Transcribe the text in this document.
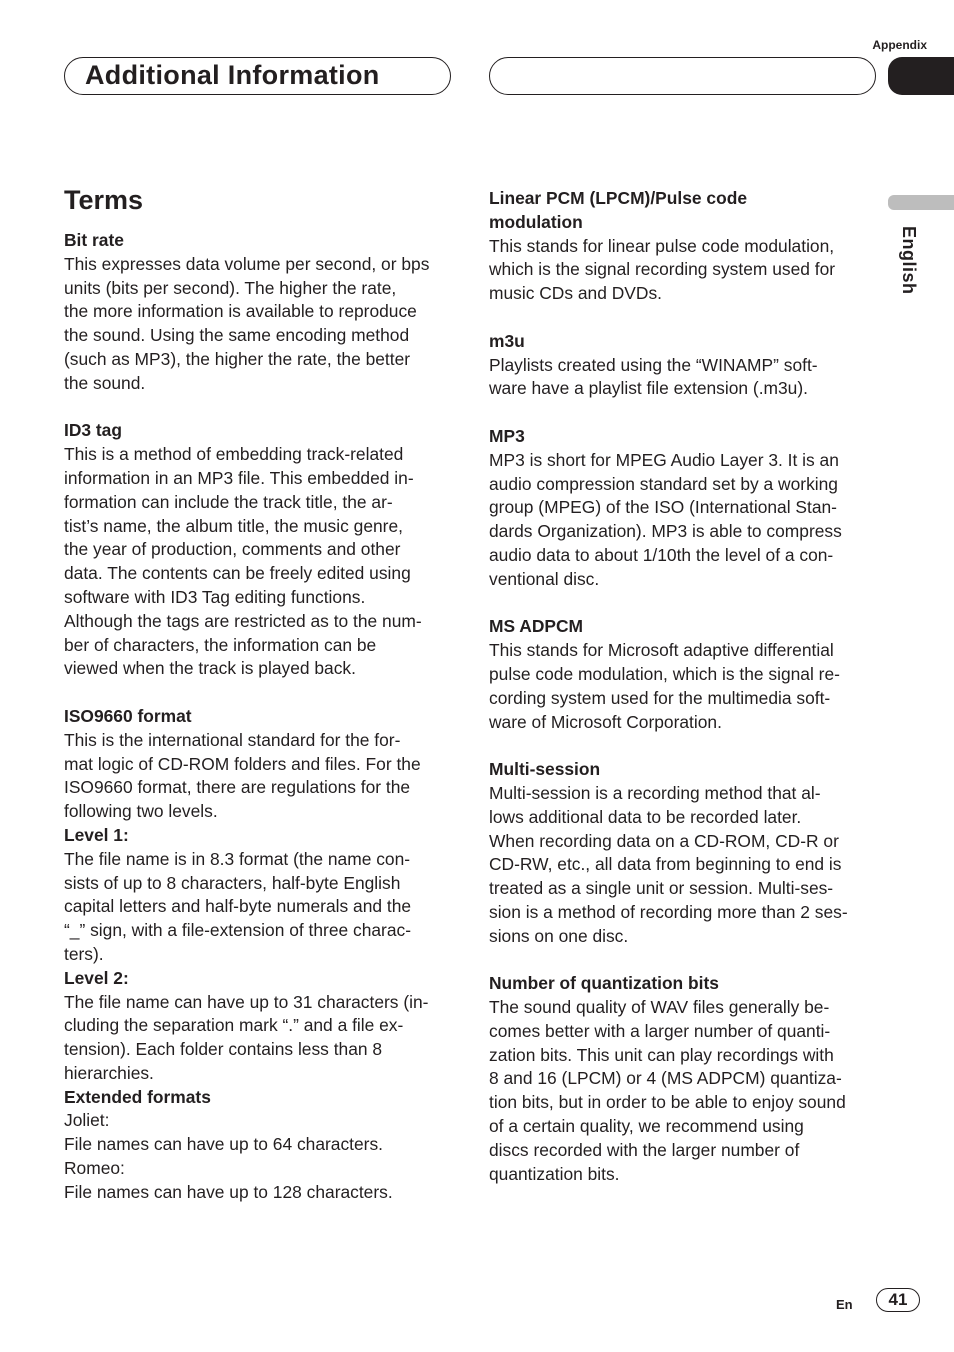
Appendix
Additional Information
English
Terms
Bit rate
This expresses data volume per second, or bps
units (bits per second). The higher the rate,
the more information is available to reproduce
the sound. Using the same encoding method
(such as MP3), the higher the rate, the better
the sound.
ID3 tag
This is a method of embedding track-related
information in an MP3 file. This embedded in-
formation can include the track title, the ar-
tist’s name, the album title, the music genre,
the year of production, comments and other
data. The contents can be freely edited using
software with ID3 Tag editing functions.
Although the tags are restricted as to the num-
ber of characters, the information can be
viewed when the track is played back.
ISO9660 format
This is the international standard for the for-
mat logic of CD-ROM folders and files. For the
ISO9660 format, there are regulations for the
following two levels.
Level 1:
The file name is in 8.3 format (the name con-
sists of up to 8 characters, half-byte English
capital letters and half-byte numerals and the
“_” sign, with a file-extension of three charac-
ters).
Level 2:
The file name can have up to 31 characters (in-
cluding the separation mark “.” and a file ex-
tension). Each folder contains less than 8
hierarchies.
Extended formats
Joliet:
File names can have up to 64 characters.
Romeo:
File names can have up to 128 characters.
Linear PCM (LPCM)/Pulse code
modulation
This stands for linear pulse code modulation,
which is the signal recording system used for
music CDs and DVDs.
m3u
Playlists created using the “WINAMP” soft-
ware have a playlist file extension (.m3u).
MP3
MP3 is short for MPEG Audio Layer 3. It is an
audio compression standard set by a working
group (MPEG) of the ISO (International Stan-
dards Organization). MP3 is able to compress
audio data to about 1/10th the level of a con-
ventional disc.
MS ADPCM
This stands for Microsoft adaptive differential
pulse code modulation, which is the signal re-
cording system used for the multimedia soft-
ware of Microsoft Corporation.
Multi-session
Multi-session is a recording method that al-
lows additional data to be recorded later.
When recording data on a CD-ROM, CD-R or
CD-RW, etc., all data from beginning to end is
treated as a single unit or session. Multi-ses-
sion is a method of recording more than 2 ses-
sions on one disc.
Number of quantization bits
The sound quality of WAV files generally be-
comes better with a larger number of quanti-
zation bits. This unit can play recordings with
8 and 16 (LPCM) or 4 (MS ADPCM) quantiza-
tion bits, but in order to be able to enjoy sound
of a certain quality, we recommend using
discs recorded with the larger number of
quantization bits.
En	41
